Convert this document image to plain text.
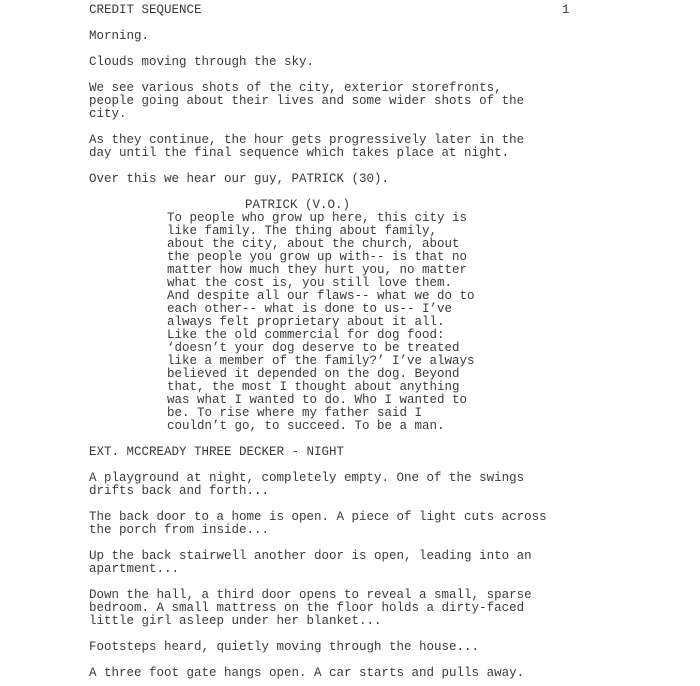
CREDIT SEQUENCE	1
Morning.
Clouds moving through the sky.
We see various shots of the city, exterior storefronts,
people going about their lives and some wider shots of the
city.
As they continue, the hour gets progressively later in the
day until the final sequence which takes place at night.
Over this we hear our guy, PATRICK (30).
PATRICK (V.O.)
To people who grow up here, this city is
like family. The thing about family,
about the city, about the church, about
the people you grow up with-- is that no
matter how much they hurt you, no matter
what the cost is, you still love them.
And despite all our flaws-- what we do to
each other-- what is done to us-- I’ve
always felt proprietary about it all.
Like the old commercial for dog food:
‘doesn’t your dog deserve to be treated
like a member of the family?’ I’ve always
believed it depended on the dog. Beyond
that, the most I thought about anything
was what I wanted to do. Who I wanted to
be. To rise where my father said I
couldn’t go, to succeed. To be a man.
EXT. MCCREADY THREE DECKER - NIGHT
A playground at night, completely empty. One of the swings
drifts back and forth...
The back door to a home is open. A piece of light cuts across
the porch from inside...
Up the back stairwell another door is open, leading into an
apartment...
Down the hall, a third door opens to reveal a small, sparse
bedroom. A small mattress on the floor holds a dirty-faced
little girl asleep under her blanket...
Footsteps heard, quietly moving through the house...
A three foot gate hangs open. A car starts and pulls away.
